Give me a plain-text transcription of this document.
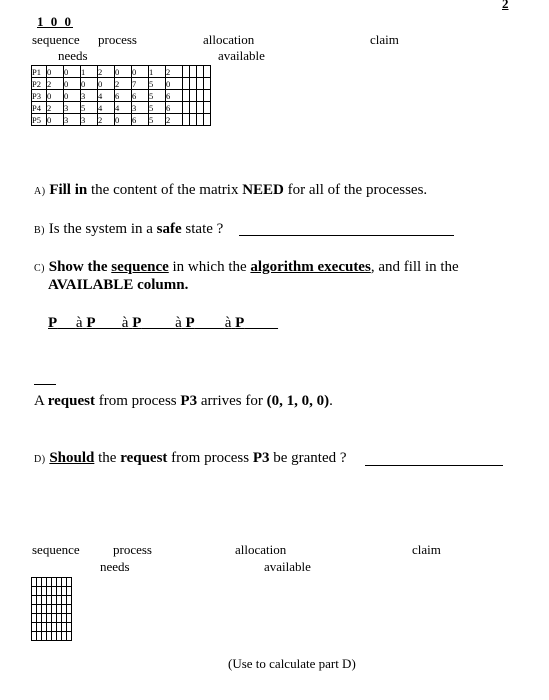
2
1 0 0
sequence process
needs
allocation
available
claim
P1	0	0	1	2	0	0	1	2				
P2	2	0	0	0	2	7	5	0				
P3	0	0	3	4	6	6	5	6				
P4	2	3	5	4	4	3	5	6				
P5	0	3	3	2	0	6	5	2				
A) Fill in the content of the matrix NEED for all of the processes.
B) Is the system in a safe state ?
C) Show the sequence in which the algorithm executes, and fill in the
AVAILABLE column.
P à P à P à P à P
A request from process P3 arrives for (0, 1, 0, 0).
D) Should the request from process P3 be granted ?
sequence	process
needs
allocation
available
claim

(Use to calculate part D)
